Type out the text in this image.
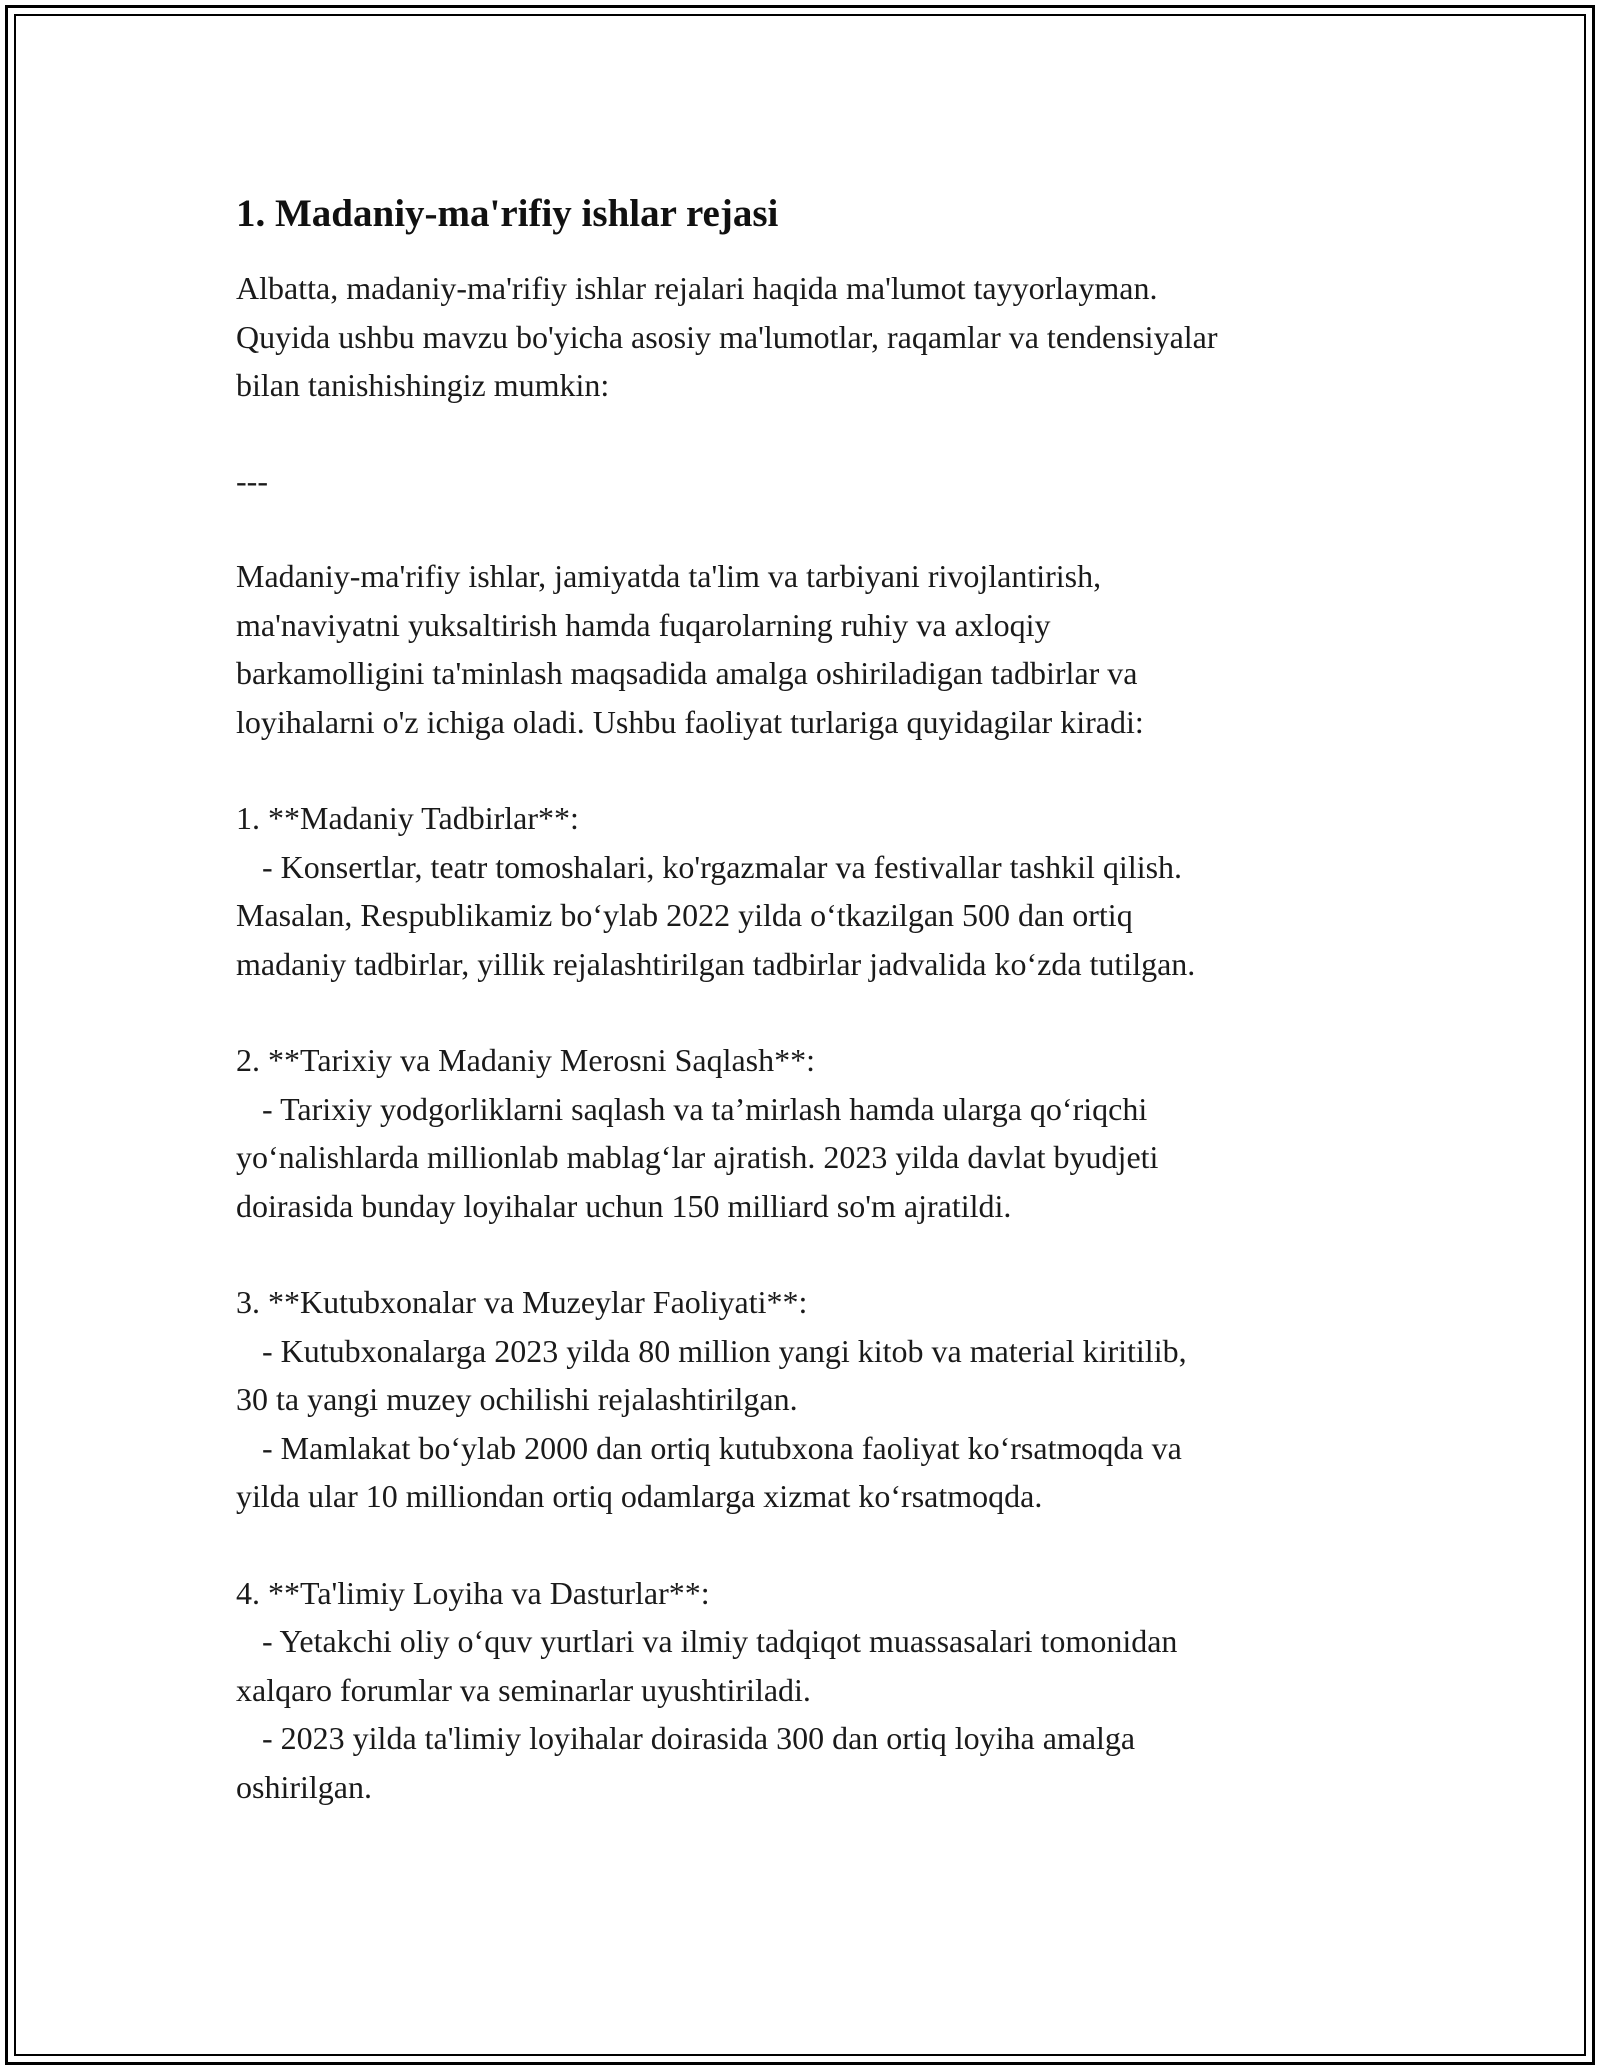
1. Madaniy-ma'rifiy ishlar rejasi

Albatta, madaniy-ma'rifiy ishlar rejalari haqida ma'lumot tayyorlayman.
Quyida ushbu mavzu bo'yicha asosiy ma'lumotlar, raqamlar va tendensiyalar
bilan tanishishingiz mumkin:

---

Madaniy-ma'rifiy ishlar, jamiyatda ta'lim va tarbiyani rivojlantirish,
ma'naviyatni yuksaltirish hamda fuqarolarning ruhiy va axloqiy
barkamolligini ta'minlash maqsadida amalga oshiriladigan tadbirlar va
loyihalarni o'z ichiga oladi. Ushbu faoliyat turlariga quyidagilar kiradi:

1. **Madaniy Tadbirlar**:

- Konsertlar, teatr tomoshalari, ko'rgazmalar va festivallar tashkil qilish.
Masalan, Respublikamiz bo‘ylab 2022 yilda o‘tkazilgan 500 dan ortiq
madaniy tadbirlar, yillik rejalashtirilgan tadbirlar jadvalida ko‘zda tutilgan.

2. **Tarixiy va Madaniy Merosni Saqlash**:

- Tarixiy yodgorliklarni saqlash va ta’mirlash hamda ularga qo‘riqchi
yo‘nalishlarda millionlab mablag‘lar ajratish. 2023 yilda davlat byudjeti
doirasida bunday loyihalar uchun 150 milliard so'm ajratildi.

3. **Kutubxonalar va Muzeylar Faoliyati**:

- Kutubxonalarga 2023 yilda 80 million yangi kitob va material kiritilib,
30 ta yangi muzey ochilishi rejalashtirilgan.

- Mamlakat bo‘ylab 2000 dan ortiq kutubxona faoliyat ko‘rsatmoqda va
yilda ular 10 milliondan ortiq odamlarga xizmat ko‘rsatmoqda.

4. **Ta'limiy Loyiha va Dasturlar**:

- Yetakchi oliy o‘quv yurtlari va ilmiy tadqiqot muassasalari tomonidan
xalqaro forumlar va seminarlar uyushtiriladi.

- 2023 yilda ta'limiy loyihalar doirasida 300 dan ortiq loyiha amalga
oshirilgan.
